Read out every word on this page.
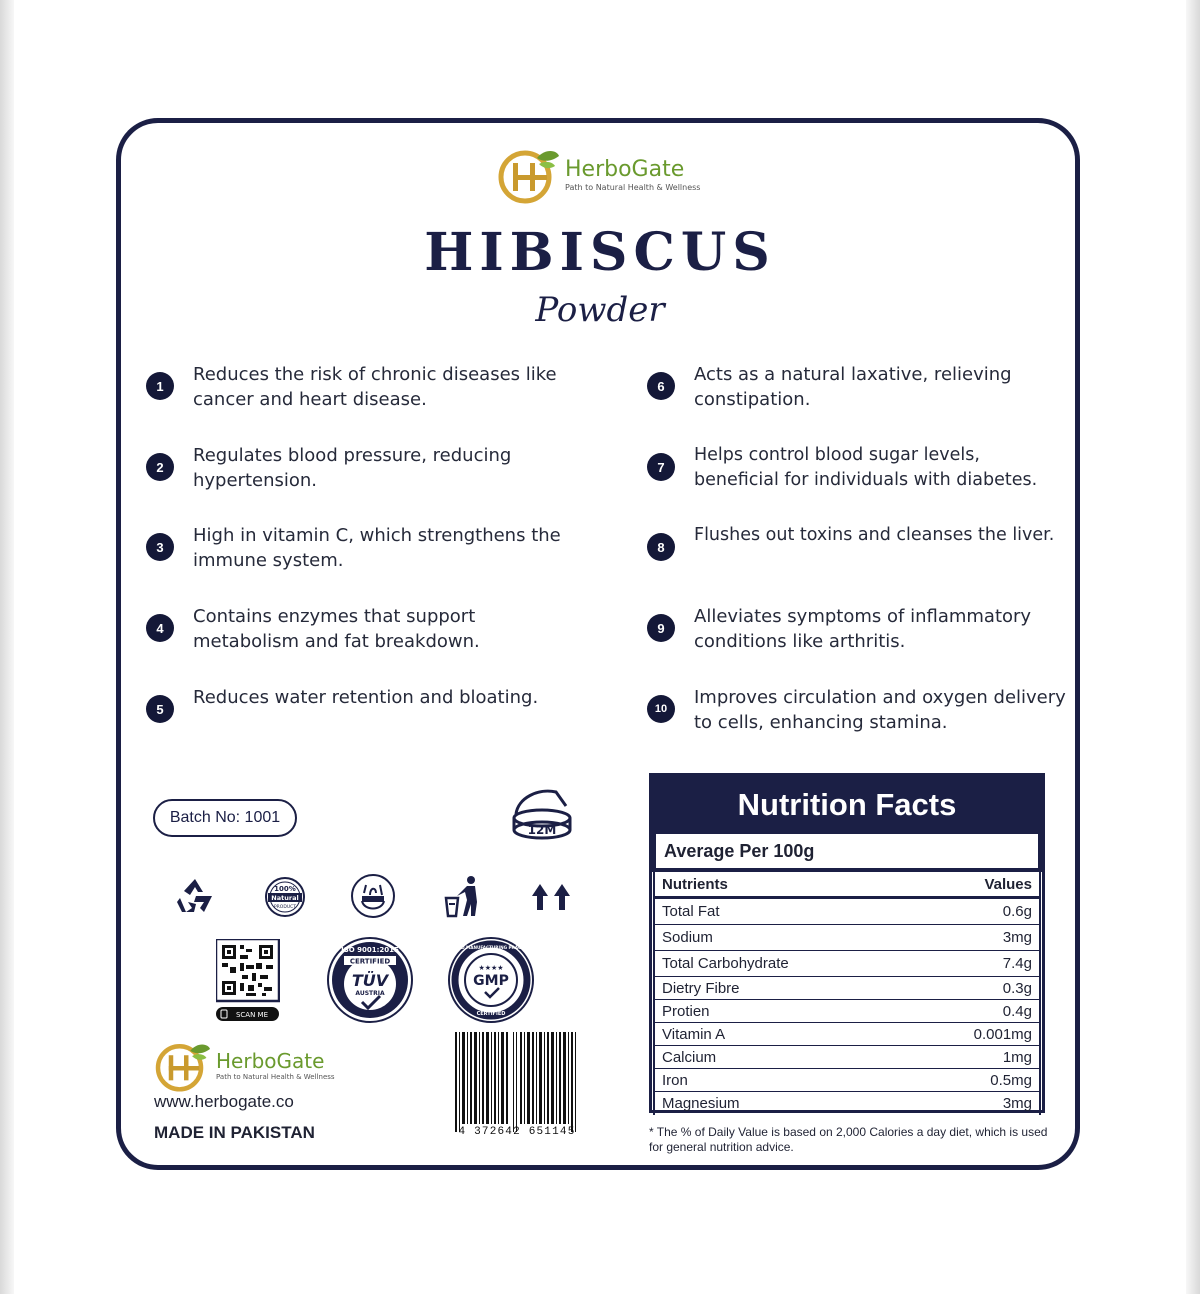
HerboGate
Path to Natural Health & Wellness
HIBISCUS
Powder
1
Reduces the risk of chronic diseases like cancer and heart disease.
2
Regulates blood pressure, reducing hypertension.
3
High in vitamin C, which strengthens the immune system.
4
Contains enzymes that support metabolism and fat breakdown.
5
Reduces water retention and bloating.
6
Acts as a natural laxative, relieving constipation.
7
Helps control blood sugar levels, beneficial for individuals with diabetes.
8
Flushes out toxins and cleanses the liver.
9
Alleviates symptoms of inflammatory conditions like arthritis.
10
Improves circulation and oxygen delivery to cells, enhancing stamina.
Batch No: 1001
12M
100%
Natural
PRODUCT
SCAN ME
ISO 9001:2015
CERTIFIED
TÜV
AUSTRIA
GOOD MANUFACTURING PRACTICE
★★★★
GMP
CERTIFIED
HerboGate
Path to Natural Health & Wellness
www.herbogate.co
MADE IN PAKISTAN	4 372642 651145
Nutrition Facts
Average Per 100g
Nutrients	Values
Total Fat	0.6g
Sodium	3mg
Total Carbohydrate	7.4g
Dietry Fibre	0.3g
Protien	0.4g
Vitamin A	0.001mg
Calcium	1mg
Iron	0.5mg
Magnesium	3mg
* The % of Daily Value is based on 2,000 Calories a day diet, which is used for general nutrition advice.
